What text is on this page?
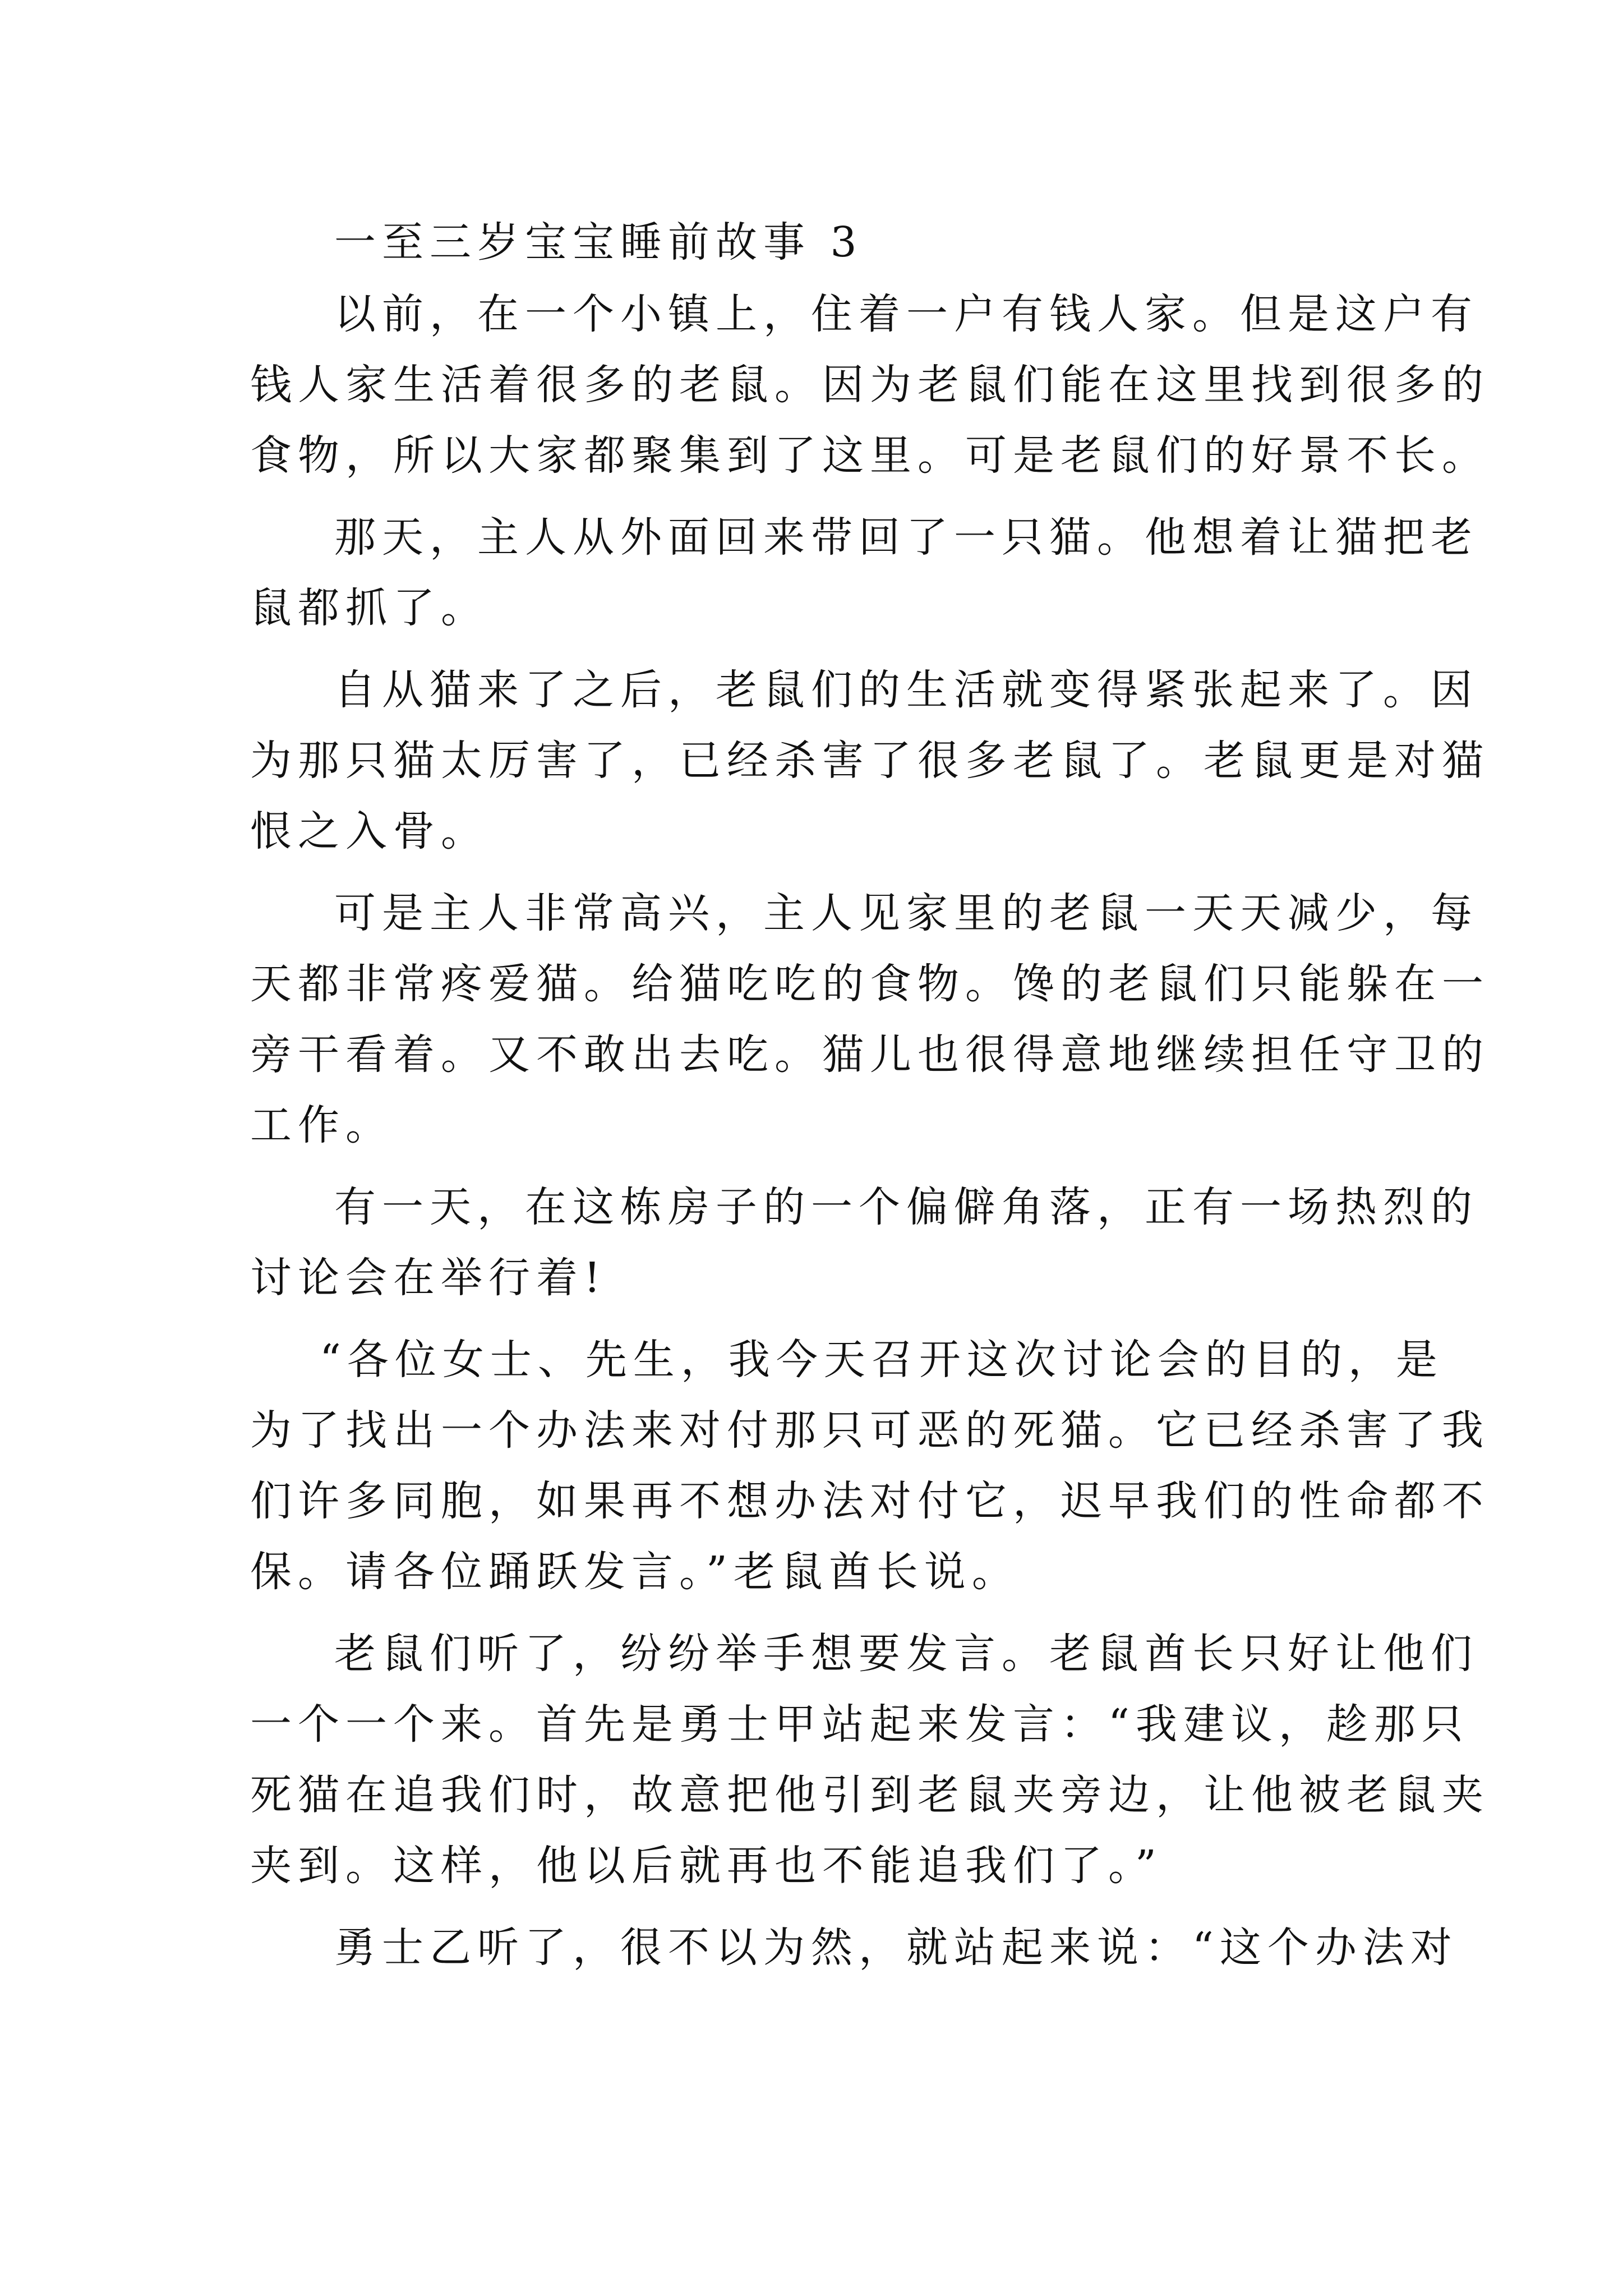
一至三岁宝宝睡前故事 3
以前，在一个小镇上，住着一户有钱人家。但是这户有
钱人家生活着很多的老鼠。因为老鼠们能在这里找到很多的
食物，所以大家都聚集到了这里。可是老鼠们的好景不长。
那天，主人从外面回来带回了一只猫。他想着让猫把老
鼠都抓了。
自从猫来了之后，老鼠们的生活就变得紧张起来了。因
为那只猫太厉害了，已经杀害了很多老鼠了。老鼠更是对猫
恨之入骨。
可是主人非常高兴，主人见家里的老鼠一天天减少，每
天都非常疼爱猫。给猫吃吃的食物。馋的老鼠们只能躲在一
旁干看着。又不敢出去吃。猫儿也很得意地继续担任守卫的
工作。
有一天，在这栋房子的一个偏僻角落，正有一场热烈的
讨论会在举行着!
“各位女士、先生，我今天召开这次讨论会的目的，是
为了找出一个办法来对付那只可恶的死猫。它已经杀害了我
们许多同胞，如果再不想办法对付它，迟早我们的性命都不
保。请各位踊跃发言。”老鼠酋长说。
老鼠们听了，纷纷举手想要发言。老鼠酋长只好让他们
一个一个来。首先是勇士甲站起来发言：“我建议，趁那只
死猫在追我们时，故意把他引到老鼠夹旁边，让他被老鼠夹
夹到。这样，他以后就再也不能追我们了。”
勇士乙听了，很不以为然，就站起来说：“这个办法对
